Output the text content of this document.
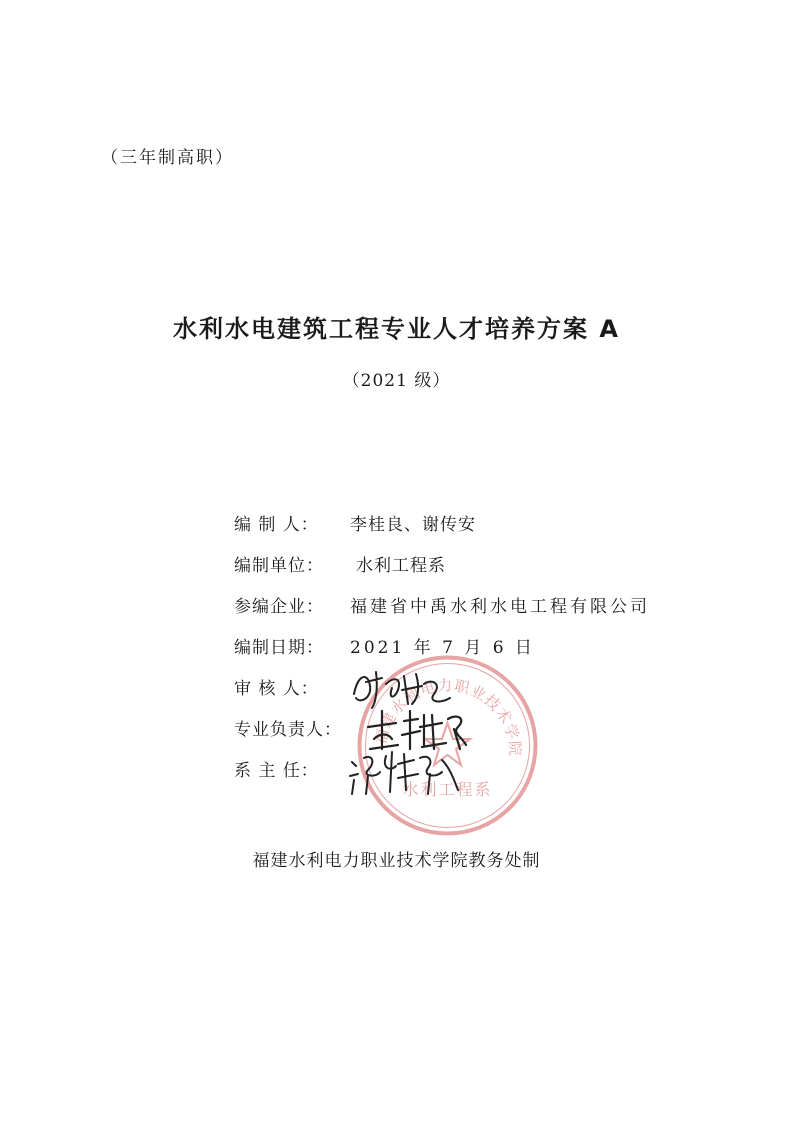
（三年制高职）
水利水电建筑工程专业人才培养方案 A
（2021 级）
福建水利电力职业技术学院
水利工程系
编 制 人： 李桂良、谢传安
编制单位： 水利工程系
参编企业： 福建省中禹水利水电工程有限公司
编制日期： 2021 年 7 月 6 日
审 核 人：
专业负责人：
系 主 任：
福建水利电力职业技术学院教务处制
